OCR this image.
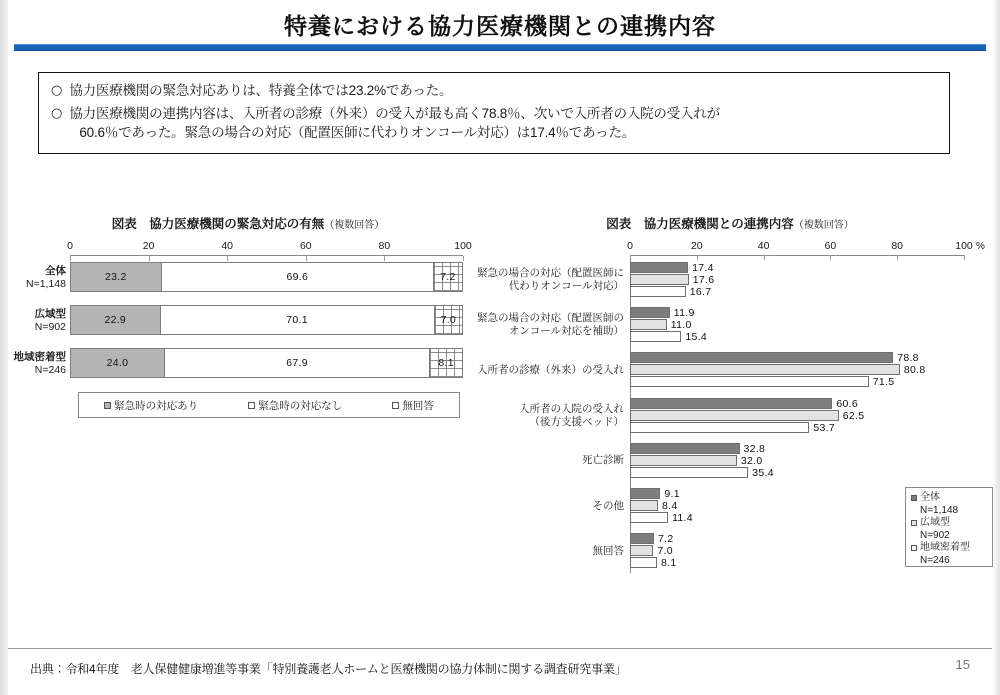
特養における協力医療機関との連携内容
○ 協力医療機関の緊急対応ありは、特養全体では23.2%であった。
○ 協力医療機関の連携内容は、入所者の診療（外来）の受入が最も高く78.8％、次いで入所者の入院の受入れが
60.6％であった。緊急の場合の対応（配置医師に代わりオンコール対応）は17.4％であった。
図表　協力医療機関の緊急対応の有無（複数回答）
0	20	40	60	80	100
全体
N=1,148
23.2	69.6	7.2
広域型
N=902
22.9	70.1	7.0
地域密着型
N=246
24.0	67.9	8.1
緊急時の対応あり	緊急時の対応なし	無回答
図表　協力医療機関との連携内容（複数回答）
0	20	40	60	80	100 %
緊急の場合の対応（配置医師に
代わりオンコール対応）
17.4
17.6
16.7
緊急の場合の対応（配置医師の
オンコール対応を補助）
11.9
11.0
15.4
入所者の診療（外来）の受入れ
78.8
80.8
71.5
入所者の入院の受入れ
（後方支援ベッド）
60.6
62.5
53.7
死亡診断
32.8
32.0
35.4
その他
9.1
8.4
11.4
無回答
7.2
7.0
8.1
全体
N=1,148
広域型
N=902
地域密着型
N=246
出典：令和4年度　老人保健健康増進等事業「特別養護老人ホームと医療機関の協力体制に関する調査研究事業」	15
